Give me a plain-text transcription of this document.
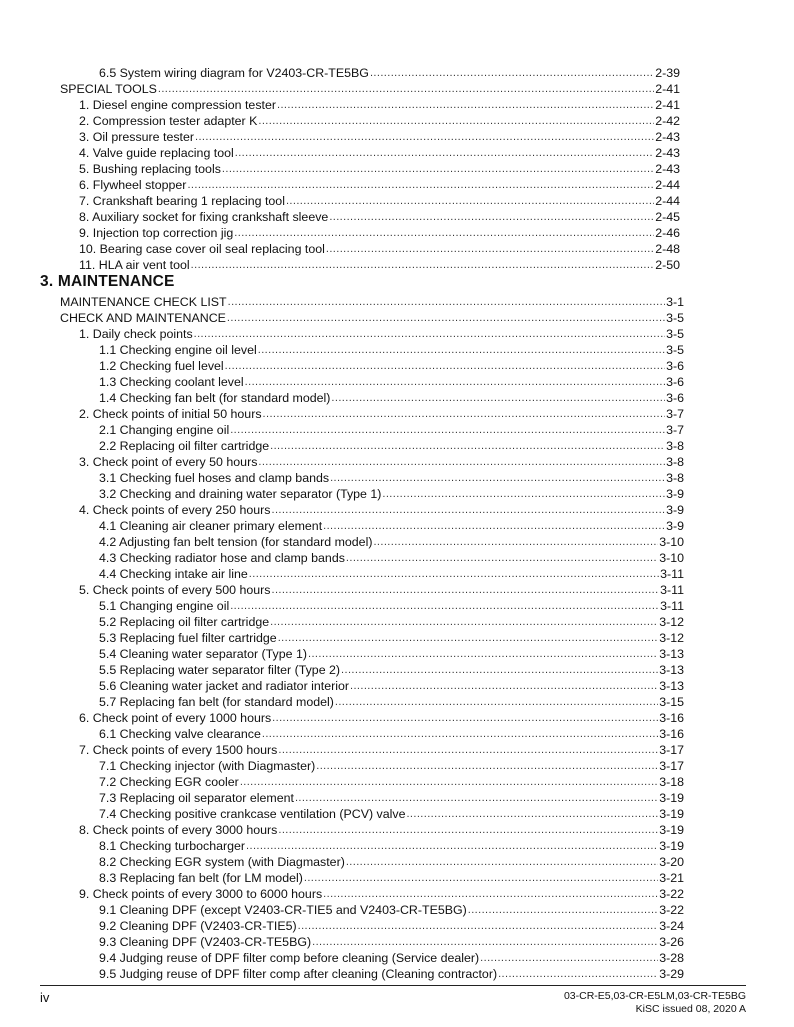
6.5 System wiring diagram for V2403-CR-TE5BG .....	2-39
SPECIAL TOOLS .....	2-41
1. Diesel engine compression tester .....	2-41
2. Compression tester adapter K .....	2-42
3. Oil pressure tester .....	2-43
4. Valve guide replacing tool .....	2-43
5. Bushing replacing tools .....	2-43
6. Flywheel stopper .....	2-44
7. Crankshaft bearing 1 replacing tool .....	2-44
8. Auxiliary socket for fixing crankshaft sleeve .....	2-45
9. Injection top correction jig .....	2-46
10. Bearing case cover oil seal replacing tool .....	2-48
11. HLA air vent tool .....	2-50
3. MAINTENANCE
MAINTENANCE CHECK LIST .....	3-1
CHECK AND MAINTENANCE .....	3-5
1. Daily check points .....	3-5
1.1 Checking engine oil level .....	3-5
1.2 Checking fuel level .....	3-6
1.3 Checking coolant level .....	3-6
1.4 Checking fan belt (for standard model) .....	3-6
2. Check points of initial 50 hours .....	3-7
2.1 Changing engine oil .....	3-7
2.2 Replacing oil filter cartridge .....	3-8
3. Check point of every 50 hours .....	3-8
3.1 Checking fuel hoses and clamp bands .....	3-8
3.2 Checking and draining water separator (Type 1) .....	3-9
4. Check points of every 250 hours .....	3-9
4.1 Cleaning air cleaner primary element .....	3-9
4.2 Adjusting fan belt tension (for standard model) .....	3-10
4.3 Checking radiator hose and clamp bands .....	3-10
4.4 Checking intake air line .....	3-11
5. Check points of every 500 hours .....	3-11
5.1 Changing engine oil .....	3-11
5.2 Replacing oil filter cartridge .....	3-12
5.3 Replacing fuel filter cartridge .....	3-12
5.4 Cleaning water separator (Type 1) .....	3-13
5.5 Replacing water separator filter (Type 2) .....	3-13
5.6 Cleaning water jacket and radiator interior .....	3-13
5.7 Replacing fan belt (for standard model) .....	3-15
6. Check point of every 1000 hours .....	3-16
6.1 Checking valve clearance .....	3-16
7. Check points of every 1500 hours .....	3-17
7.1 Checking injector (with Diagmaster) .....	3-17
7.2 Checking EGR cooler .....	3-18
7.3 Replacing oil separator element .....	3-19
7.4 Checking positive crankcase ventilation (PCV) valve .....	3-19
8. Check points of every 3000 hours .....	3-19
8.1 Checking turbocharger .....	3-19
8.2 Checking EGR system (with Diagmaster) .....	3-20
8.3 Replacing fan belt (for LM model) .....	3-21
9. Check points of every 3000 to 6000 hours .....	3-22
9.1 Cleaning DPF (except V2403-CR-TIE5 and V2403-CR-TE5BG) .....	3-22
9.2 Cleaning DPF (V2403-CR-TIE5) .....	3-24
9.3 Cleaning DPF (V2403-CR-TE5BG) .....	3-26
9.4 Judging reuse of DPF filter comp before cleaning (Service dealer) .....	3-28
9.5 Judging reuse of DPF filter comp after cleaning (Cleaning contractor) .....	3-29
iv	03-CR-E5,03-CR-E5LM,03-CR-TE5BG
KiSC issued 08, 2020 A
